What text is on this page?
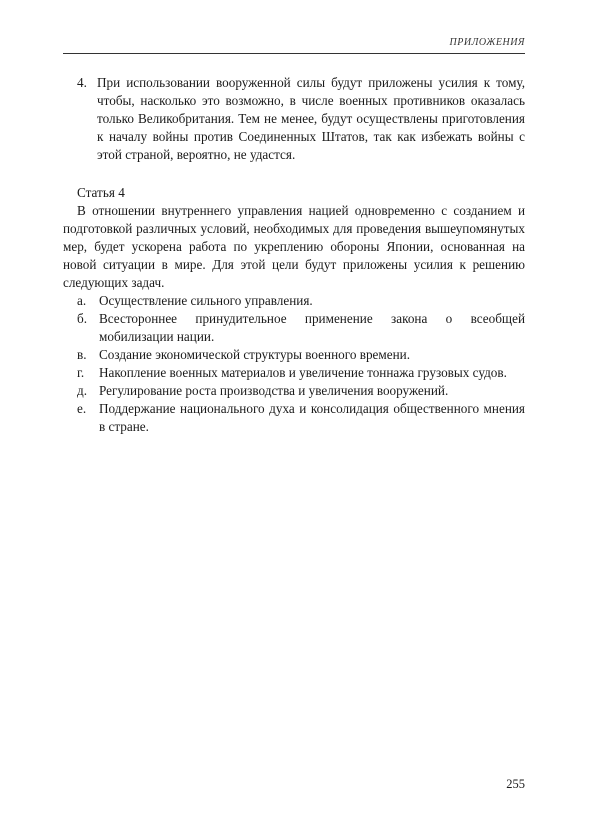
ПРИЛОЖЕНИЯ
4. При использовании вооруженной силы будут приложены усилия к тому, чтобы, насколько это возможно, в числе военных противников оказалась только Великобритания. Тем не менее, будут осуществлены приготовления к началу войны против Соединенных Штатов, так как избежать войны с этой страной, вероятно, не удастся.
Статья 4

В отношении внутреннего управления нацией одновременно с созданием и подготовкой различных условий, необходимых для проведения вышеупомянутых мер, будет ускорена работа по укреплению обороны Японии, основанная на новой ситуации в мире. Для этой цели будут приложены усилия к решению следующих задач.

а. Осуществление сильного управления.
б. Всестороннее принудительное применение закона о всеобщей мобилизации нации.
в. Создание экономической структуры военного времени.
г.	Накопление военных материалов и увеличение тоннажа грузовых судов.
д. Регулирование роста производства и увеличения вооружений.
е. Поддержание национального духа и консолидация общественного мнения в стране.
255
